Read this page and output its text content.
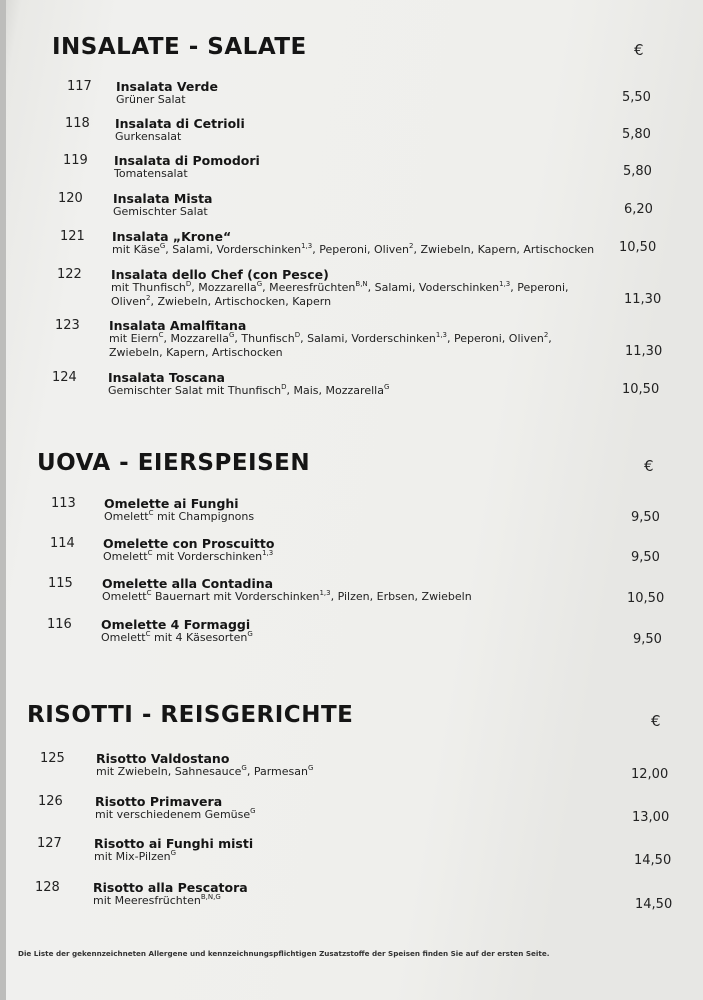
INSALATE - SALATE	€
117 Insalata Verde
Grüner Salat	5,50
118 Insalata di Cetrioli
Gurkensalat	5,80
119 Insalata di Pomodori
Tomatensalat	5,80
120 Insalata Mista
Gemischter Salat	6,20
121 Insalata „Krone“
mit Käse$^G$, Salami, Vorderschinken$^{1,3}$, Peperoni, Oliven$^2$, Zwiebeln, Kapern, Artischocken 10,50
122 Insalata dello Chef (con Pesce)
mit Thunfisch$^D$, Mozzarella$^G$, Meeresfrüchten$^{B,N}$, Salami, Voderschinken$^{1,3}$, Peperoni,
Oliven$^2$, Zwiebeln, Artischocken, Kapern	11,30
123 Insalata Amalfitana
mit Eiern$^C$, Mozzarella$^G$, Thunfisch$^D$, Salami, Vorderschinken$^{1,3}$, Peperoni, Oliven$^2$,
Zwiebeln, Kapern, Artischocken	11,30
124 Insalata Toscana
Gemischter Salat mit Thunfisch$^D$, Mais, Mozzarella$^G$	10,50
UOVA - EIERSPEISEN	€
113 Omelette ai Funghi
Omelett$^C$ mit Champignons	9,50
114 Omelette con Proscuitto
Omelett$^C$ mit Vorderschinken$^{1,3}$	9,50
115 Omelette alla Contadina
Omelett$^C$ Bauernart mit Vorderschinken$^{1,3}$, Pilzen, Erbsen, Zwiebeln	10,50
116 Omelette 4 Formaggi
Omelett$^C$ mit 4 Käsesorten$^G$	9,50
RISOTTI - REISGERICHTE	€
125 Risotto Valdostano
mit Zwiebeln, Sahnesauce$^G$, Parmesan$^G$	12,00
126	Risotto Primavera
mit verschiedenem Gemüse$^G$	13,00
127	Risotto ai Funghi misti
mit Mix-Pilzen$^G$	14,50
128	Risotto alla Pescatora
mit Meeresfrüchten$^{B,N,G}$	14,50
Die Liste der gekennzeichneten Allergene und kennzeichnungspflichtigen Zusatzstoffe der Speisen finden Sie auf der ersten Seite.
